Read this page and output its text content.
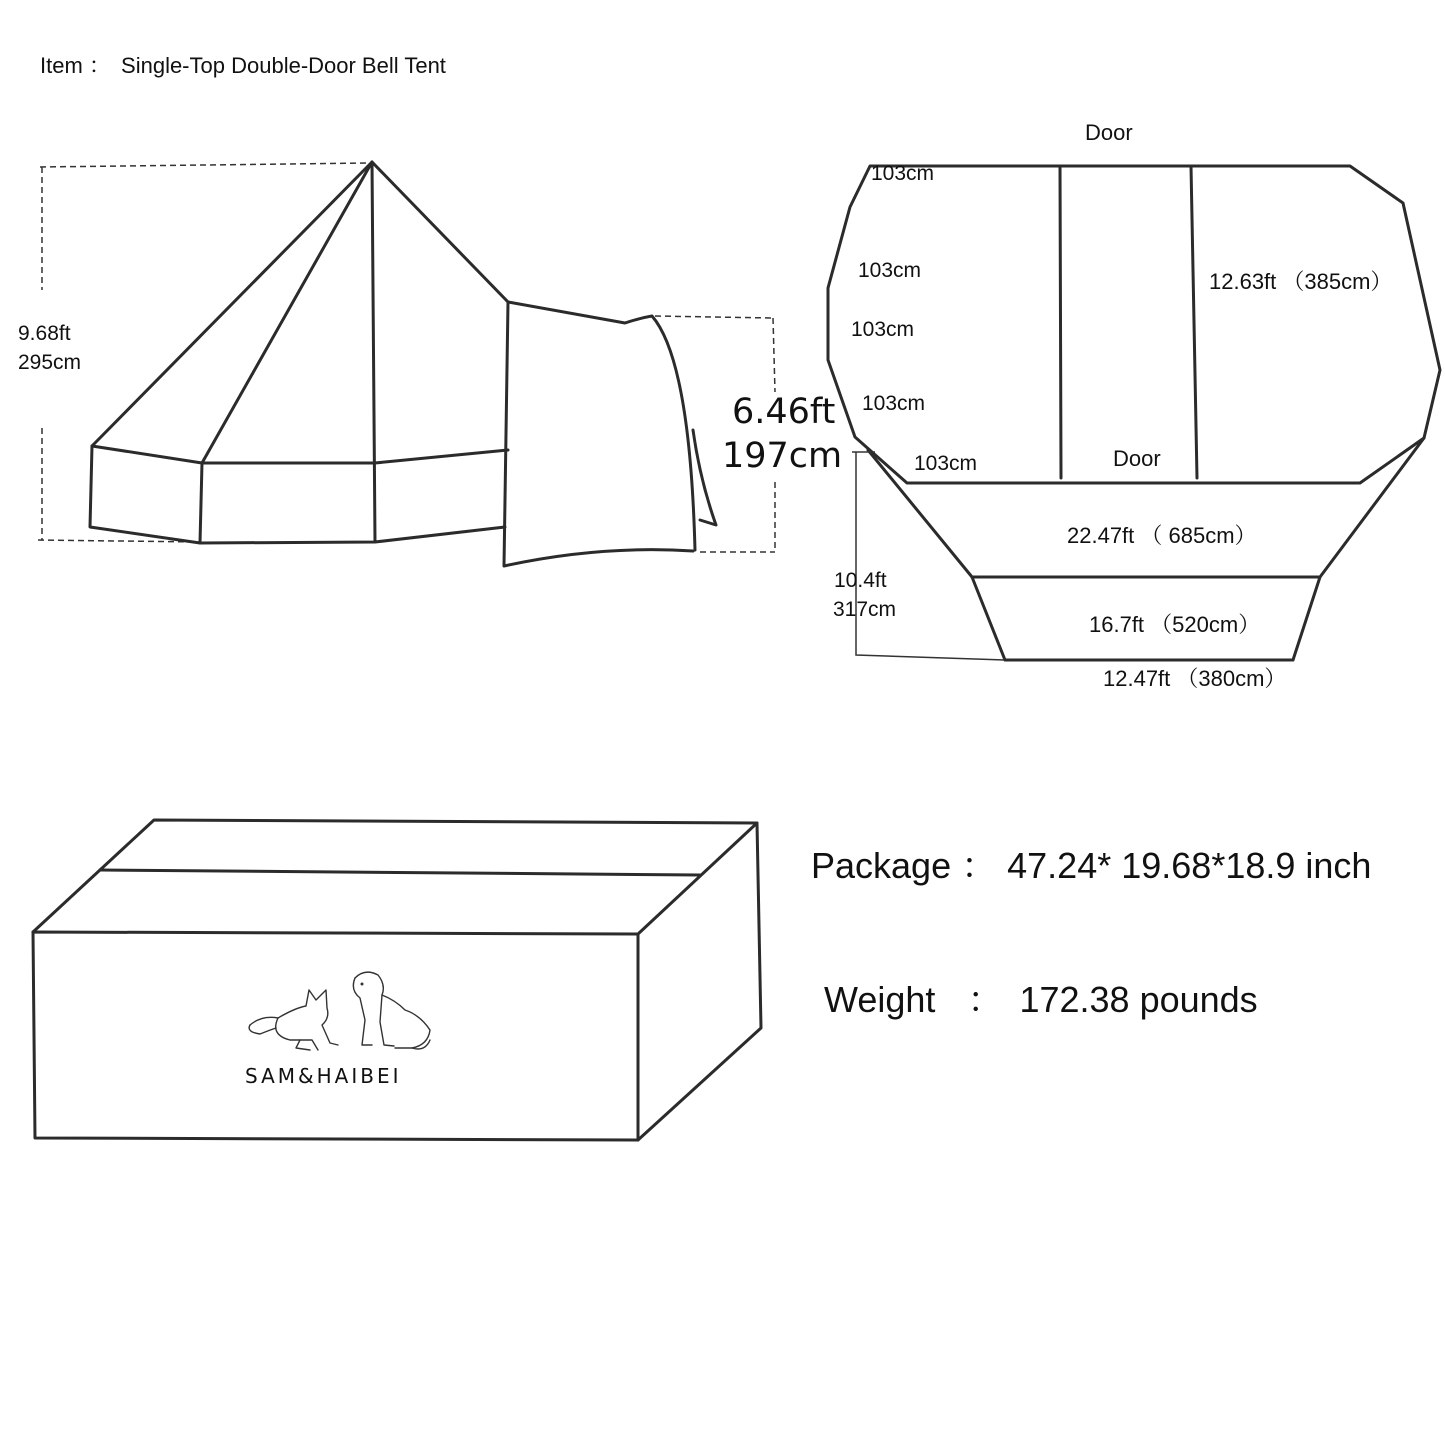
Item ： Single-Top Double-Door Bell Tent
9.68ft
295cm
6.46ft
197cm
Door
103cm
103cm
103cm
103cm
103cm	Door
12.63ft （385cm）
22.47ft （ 685cm）
16.7ft （520cm）
12.47ft （380cm）
10.4ft
317cm
Package ： 47.24* 19.68*18.9 inch
Weight ： 172.38 pounds
SAM&HAIBEI
